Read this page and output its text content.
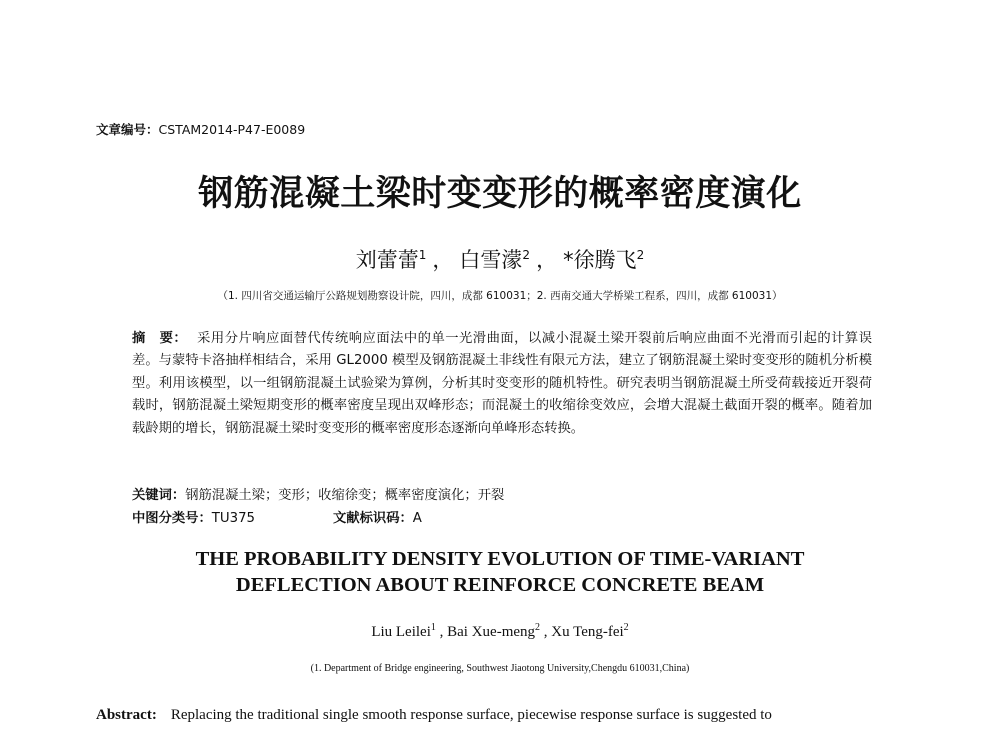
文章编号：CSTAM2014-P47-E0089
钢筋混凝土梁时变变形的概率密度演化
刘蕾蕾$^1$ ， 白雪濛$^2$ ， *徐腾飞$^2$
（1. 四川省交通运输厅公路规划勘察设计院，四川，成都 610031；2. 西南交通大学桥梁工程系，四川，成都 610031）
摘　要： 采用分片响应面替代传统响应面法中的单一光滑曲面，以减小混凝土梁开裂前后响应曲面不光滑而引起的计算误差。与蒙特卡洛抽样相结合，采用 GL2000 模型及钢筋混凝土非线性有限元方法，建立了钢筋混凝土梁时变变形的随机分析模型。利用该模型，以一组钢筋混凝土试验梁为算例，分析其时变变形的随机特性。研究表明当钢筋混凝土所受荷载接近开裂荷载时，钢筋混凝土梁短期变形的概率密度呈现出双峰形态；而混凝土的收缩徐变效应，会增大混凝土截面开裂的概率。随着加载龄期的增长，钢筋混凝土梁时变变形的概率密度形态逐渐向单峰形态转换。
关键词：钢筋混凝土梁；变形；收缩徐变；概率密度演化；开裂
中图分类号：TU375	文献标识码：A
THE PROBABILITY DENSITY EVOLUTION OF TIME-VARIANT
DEFLECTION ABOUT REINFORCE CONCRETE BEAM
Liu Leilei$^1$ , Bai Xue-meng$^2$ , Xu Teng-fei$^2$
(1. Department of Bridge engineering, Southwest Jiaotong University,Chengdu 610031,China)
Abstract: Replacing the traditional single smooth response surface, piecewise response surface is suggested to
